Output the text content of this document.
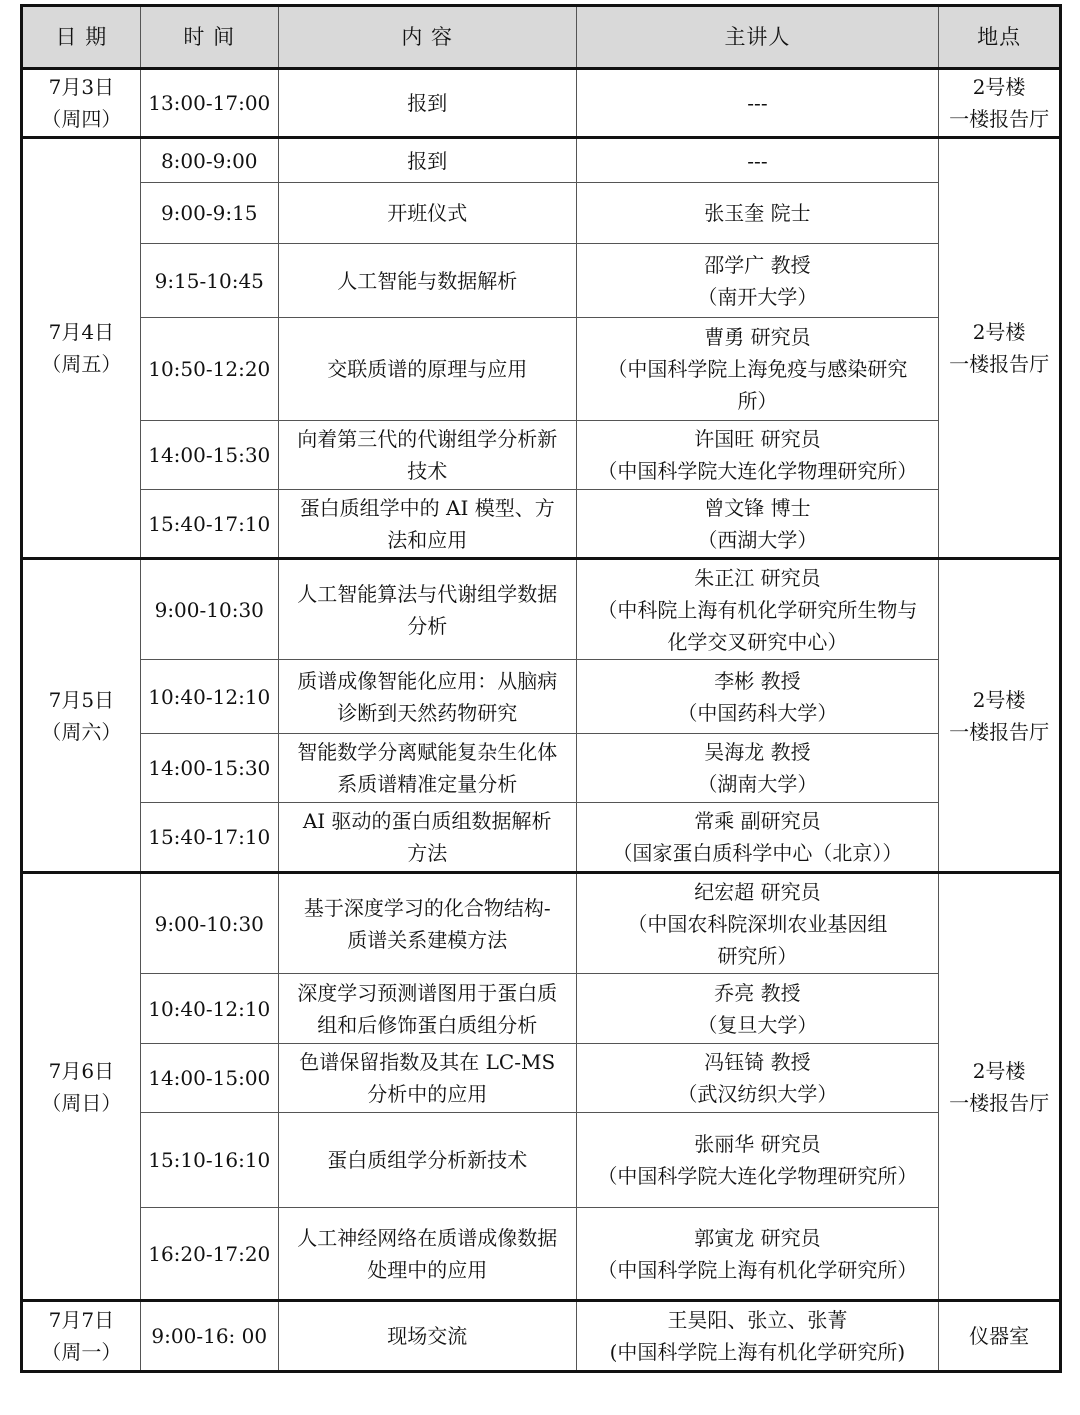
日 期	时 间	内 容	主讲人	地点

7月3日
（周四）	13:00-17:00	报到	---	2号楼
一楼报告厅

7月4日
（周五）	8:00-9:00	报到	---	2号楼
一楼报告厅

	9:00-9:15	开班仪式	张玉奎 院士	

	9:15-10:45	人工智能与数据解析	邵学广 教授
（南开大学）	

	10:50-12:20	交联质谱的原理与应用	曹勇 研究员
（中国科学院上海免疫与感染研究
所）	

	14:00-15:30	向着第三代的代谢组学分析新
技术	许国旺 研究员
（中国科学院大连化学物理研究所）	

	15:40-17:10	蛋白质组学中的 AI 模型、方
法和应用	曾文锋 博士
（西湖大学）	

7月5日
（周六）	9:00-10:30	人工智能算法与代谢组学数据
分析	朱正江 研究员
（中科院上海有机化学研究所生物与
化学交叉研究中心）	2号楼
一楼报告厅

	10:40-12:10	质谱成像智能化应用：从脑病
诊断到天然药物研究	李彬 教授
（中国药科大学）	

	14:00-15:30	智能数学分离赋能复杂生化体
系质谱精准定量分析	吴海龙 教授
（湖南大学）	

	15:40-17:10	AI 驱动的蛋白质组数据解析
方法	常乘 副研究员
（国家蛋白质科学中心（北京））	

7月6日
（周日）	9:00-10:30	基于深度学习的化合物结构-
质谱关系建模方法	纪宏超 研究员
（中国农科院深圳农业基因组
研究所）	2号楼
一楼报告厅

	10:40-12:10	深度学习预测谱图用于蛋白质
组和后修饰蛋白质组分析	乔亮 教授
（复旦大学）	

	14:00-15:00	色谱保留指数及其在 LC-MS
分析中的应用	冯钰锜 教授
（武汉纺织大学）	

	15:10-16:10	蛋白质组学分析新技术	张丽华 研究员
（中国科学院大连化学物理研究所）	

	16:20-17:20	人工神经网络在质谱成像数据
处理中的应用	郭寅龙 研究员
（中国科学院上海有机化学研究所）	

7月7日
（周一）	9:00-16: 00	现场交流	王昊阳、张立、张菁
(中国科学院上海有机化学研究所)	仪器室
